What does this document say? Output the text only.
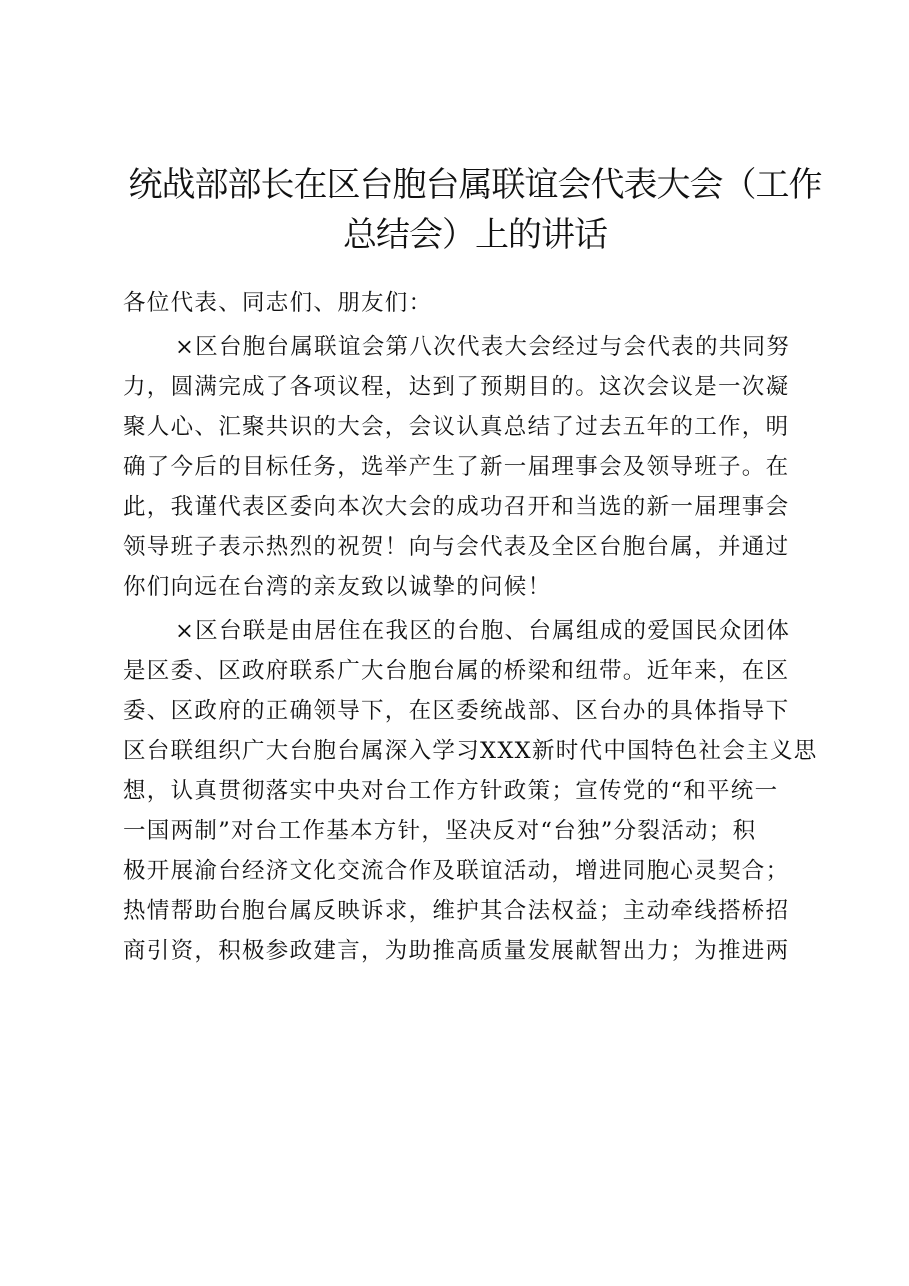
统战部部长在区台胞台属联谊会代表大会（工作
总结会）上的讲话
各位代表、同志们、朋友们：
×区台胞台属联谊会第八次代表大会经过与会代表的共同努
力，圆满完成了各项议程，达到了预期目的。这次会议是一次凝
聚人心、汇聚共识的大会，会议认真总结了过去五年的工作，明
确了今后的目标任务，选举产生了新一届理事会及领导班子。在
此，我谨代表区委向本次大会的成功召开和当选的新一届理事会
领导班子表示热烈的祝贺！向与会代表及全区台胞台属，并通过
你们向远在台湾的亲友致以诚挚的问候！
×区台联是由居住在我区的台胞、台属组成的爱国民众团体
是区委、区政府联系广大台胞台属的桥梁和纽带。近年来，在区
委、区政府的正确领导下，在区委统战部、区台办的具体指导下
区台联组织广大台胞台属深入学习XXX新时代中国特色社会主义思
想，认真贯彻落实中央对台工作方针政策；宣传党的“和平统一
一国两制”对台工作基本方针，坚决反对“台独”分裂活动；积
极开展渝台经济文化交流合作及联谊活动，增进同胞心灵契合；
热情帮助台胞台属反映诉求，维护其合法权益；主动牵线搭桥招
商引资，积极参政建言，为助推高质量发展献智出力；为推进两
